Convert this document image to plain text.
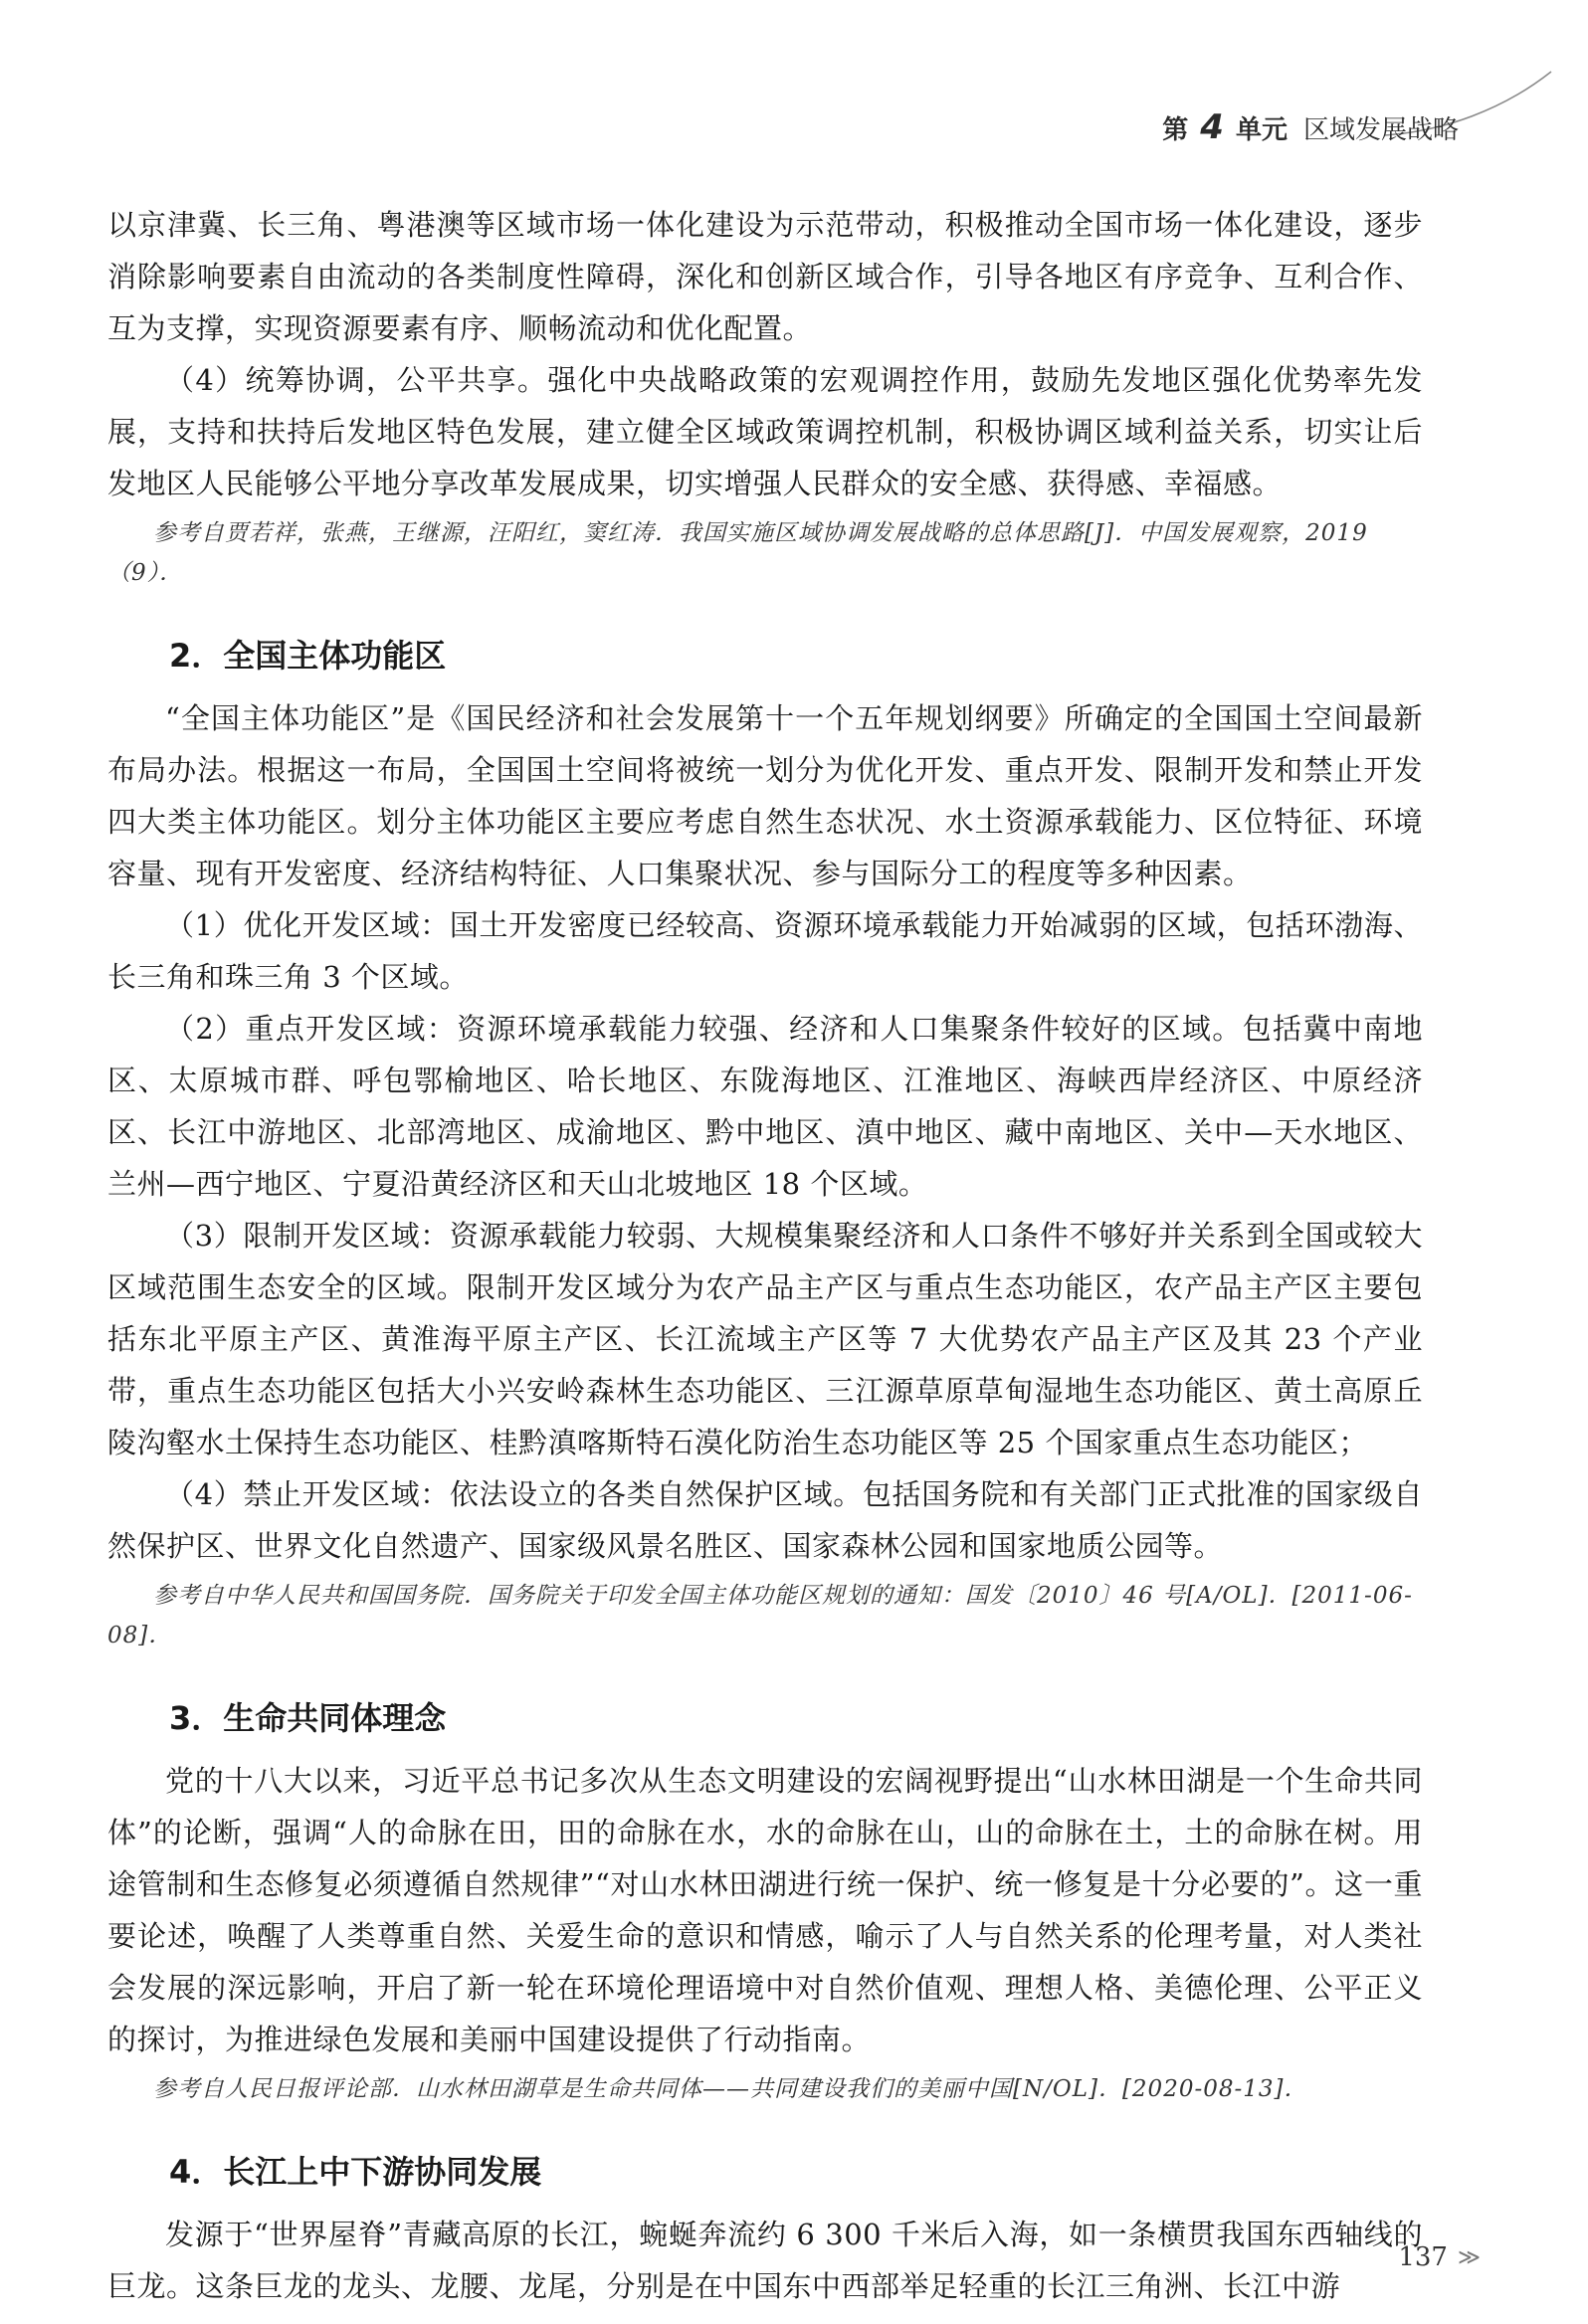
第 4 单元 区域发展战略

以京津冀、长三角、粤港澳等区域市场一体化建设为示范带动，积极推动全国市场一体化建设，逐步消除影响要素自由流动的各类制度性障碍，深化和创新区域合作，引导各地区有序竞争、互利合作、互为支撑，实现资源要素有序、顺畅流动和优化配置。

（4）统筹协调，公平共享。强化中央战略政策的宏观调控作用，鼓励先发地区强化优势率先发展，支持和扶持后发地区特色发展，建立健全区域政策调控机制，积极协调区域利益关系，切实让后发地区人民能够公平地分享改革发展成果，切实增强人民群众的安全感、获得感、幸福感。

参考自贾若祥，张燕，王继源，汪阳红，窦红涛．我国实施区域协调发展战略的总体思路[J]．中国发展观察，2019（9）．

2．全国主体功能区

“全国主体功能区”是《国民经济和社会发展第十一个五年规划纲要》所确定的全国国土空间最新布局办法。根据这一布局，全国国土空间将被统一划分为优化开发、重点开发、限制开发和禁止开发四大类主体功能区。划分主体功能区主要应考虑自然生态状况、水土资源承载能力、区位特征、环境容量、现有开发密度、经济结构特征、人口集聚状况、参与国际分工的程度等多种因素。

（1）优化开发区域：国土开发密度已经较高、资源环境承载能力开始减弱的区域，包括环渤海、长三角和珠三角 3 个区域。

（2）重点开发区域：资源环境承载能力较强、经济和人口集聚条件较好的区域。包括冀中南地区、太原城市群、呼包鄂榆地区、哈长地区、东陇海地区、江淮地区、海峡西岸经济区、中原经济区、长江中游地区、北部湾地区、成渝地区、黔中地区、滇中地区、藏中南地区、关中—天水地区、兰州—西宁地区、宁夏沿黄经济区和天山北坡地区 18 个区域。

（3）限制开发区域：资源承载能力较弱、大规模集聚经济和人口条件不够好并关系到全国或较大区域范围生态安全的区域。限制开发区域分为农产品主产区与重点生态功能区，农产品主产区主要包括东北平原主产区、黄淮海平原主产区、长江流域主产区等 7 大优势农产品主产区及其 23 个产业带，重点生态功能区包括大小兴安岭森林生态功能区、三江源草原草甸湿地生态功能区、黄土高原丘陵沟壑水土保持生态功能区、桂黔滇喀斯特石漠化防治生态功能区等 25 个国家重点生态功能区；

（4）禁止开发区域：依法设立的各类自然保护区域。包括国务院和有关部门正式批准的国家级自然保护区、世界文化自然遗产、国家级风景名胜区、国家森林公园和国家地质公园等。

参考自中华人民共和国国务院．国务院关于印发全国主体功能区规划的通知：国发〔2010〕46 号[A/OL]．[2011-06-08]．

3．生命共同体理念

党的十八大以来，习近平总书记多次从生态文明建设的宏阔视野提出“山水林田湖是一个生命共同体”的论断，强调“人的命脉在田，田的命脉在水，水的命脉在山，山的命脉在土，土的命脉在树。用途管制和生态修复必须遵循自然规律”“对山水林田湖进行统一保护、统一修复是十分必要的”。这一重要论述，唤醒了人类尊重自然、关爱生命的意识和情感，喻示了人与自然关系的伦理考量，对人类社会发展的深远影响，开启了新一轮在环境伦理语境中对自然价值观、理想人格、美德伦理、公平正义的探讨，为推进绿色发展和美丽中国建设提供了行动指南。

参考自人民日报评论部．山水林田湖草是生命共同体——共同建设我们的美丽中国[N/OL]．[2020-08-13]．

4．长江上中下游协同发展

发源于“世界屋脊”青藏高原的长江，蜿蜒奔流约 6 300 千米后入海，如一条横贯我国东西轴线的巨龙。这条巨龙的龙头、龙腰、龙尾，分别是在中国东中西部举足轻重的长江三角洲、长江中游

137 ≫
